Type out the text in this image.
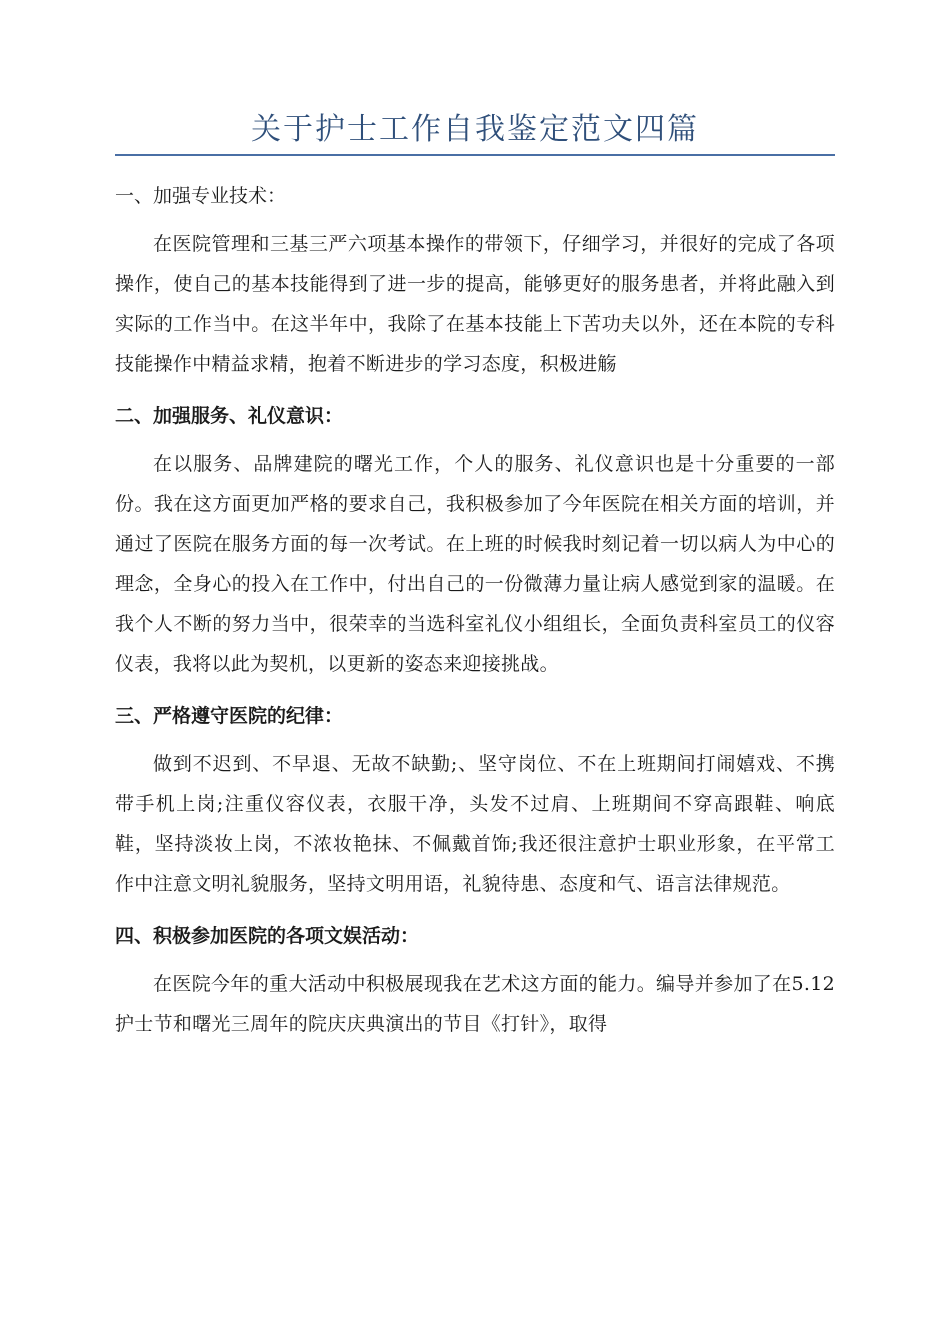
关于护士工作自我鉴定范文四篇

一、加强专业技术：

在医院管理和三基三严六项基本操作的带领下，仔细学习，并很好的完成了各项操作，使自己的基本技能得到了进一步的提高，能够更好的服务患者，并将此融入到实际的工作当中。在这半年中，我除了在基本技能上下苦功夫以外，还在本院的专科技能操作中精益求精，抱着不断进步的学习态度，积极进觞

二、加强服务、礼仪意识：

在以服务、品牌建院的曙光工作，个人的服务、礼仪意识也是十分重要的一部份。我在这方面更加严格的要求自己，我积极参加了今年医院在相关方面的培训，并通过了医院在服务方面的每一次考试。在上班的时候我时刻记着一切以病人为中心的理念，全身心的投入在工作中，付出自己的一份微薄力量让病人感觉到家的温暖。在我个人不断的努力当中，很荣幸的当选科室礼仪小组组长，全面负责科室员工的仪容仪表，我将以此为契机，以更新的姿态来迎接挑战。

三、严格遵守医院的纪律：

做到不迟到、不早退、无故不缺勤;、坚守岗位、不在上班期间打闹嬉戏、不携带手机上岗;注重仪容仪表，衣服干净，头发不过肩、上班期间不穿高跟鞋、响底鞋，坚持淡妆上岗，不浓妆艳抹、不佩戴首饰;我还很注意护士职业形象，在平常工作中注意文明礼貌服务，坚持文明用语，礼貌待患、态度和气、语言法律规范。

四、积极参加医院的各项文娱活动：

在医院今年的重大活动中积极展现我在艺术这方面的能力。编导并参加了在5.12护士节和曙光三周年的院庆庆典演出的节目《打针》，取得
